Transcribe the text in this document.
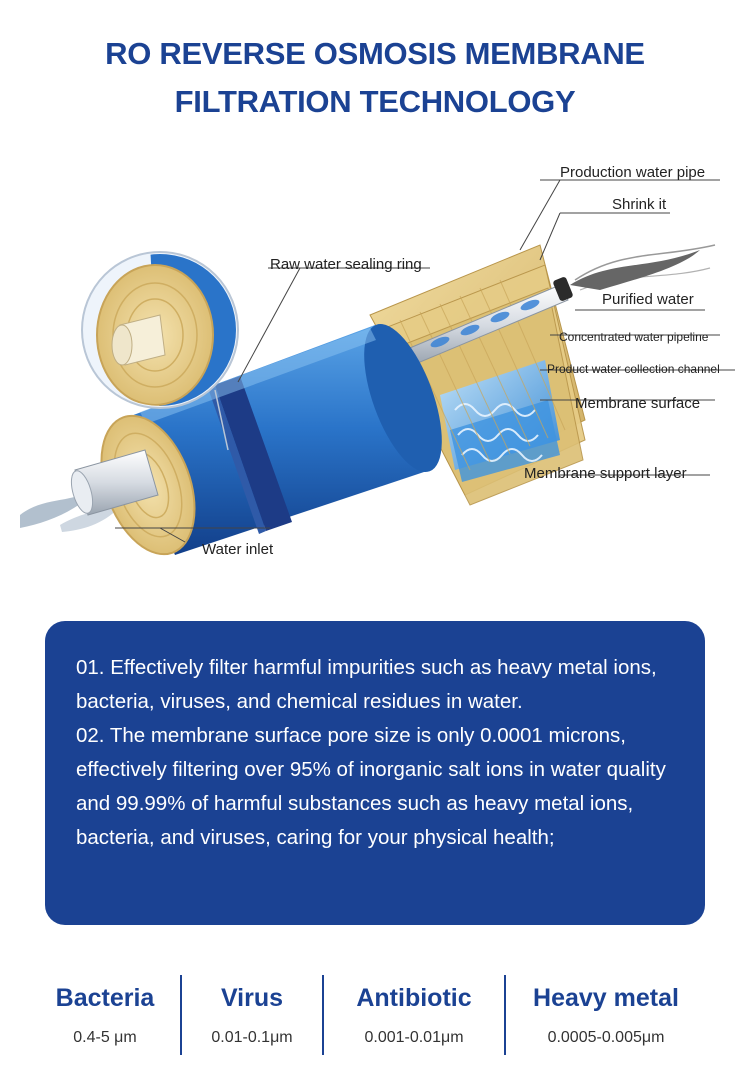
RO REVERSE OSMOSIS MEMBRANE
FILTRATION TECHNOLOGY
Production water pipe
Shrink it
Raw water sealing ring
Purified water
Concentrated water pipeline
Product water collection channel
Membrane surface
Membrane support layer
Water inlet

01. Effectively filter harmful impurities such as heavy metal ions, bacteria, viruses, and chemical residues in water.

02. The membrane surface pore size is only 0.0001 microns, effectively filtering over 95% of inorganic salt ions in water quality and 99.99% of harmful substances such as heavy metal ions, bacteria, and viruses, caring for your physical health;

Bacteria
0.4-5 μm
Virus
0.01-0.1μm
Antibiotic
0.001-0.01μm
Heavy metal
0.0005-0.005μm
